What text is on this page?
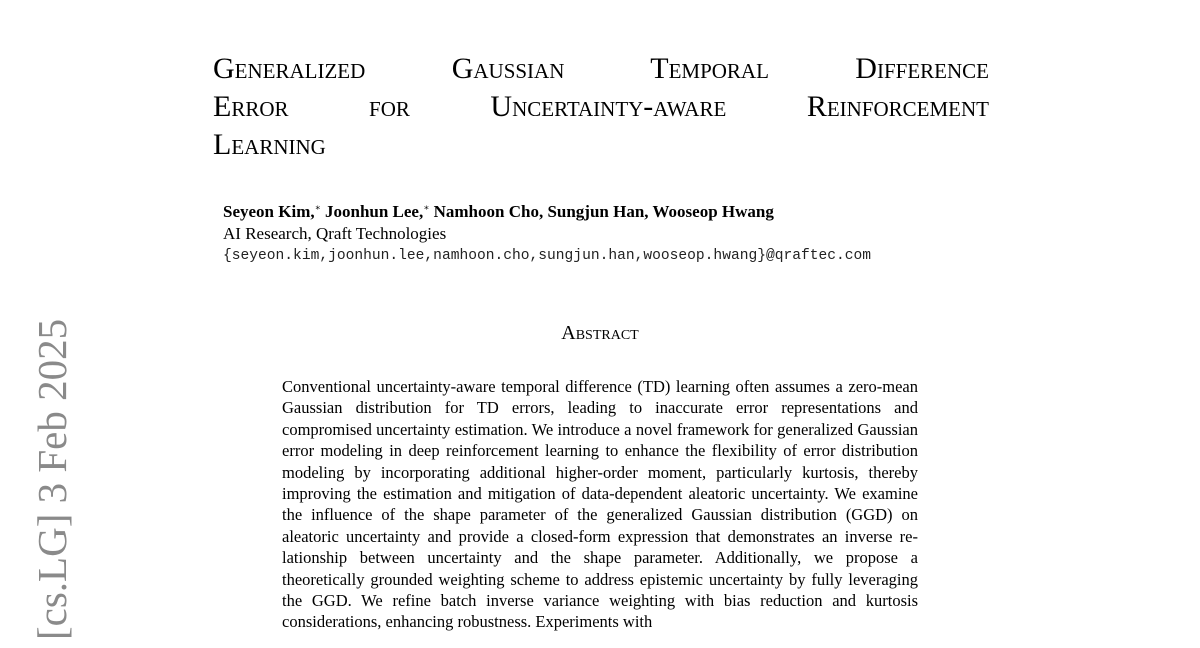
[cs.LG] 3 Feb 2025
Generalized Gaussian Temporal Difference
Error for Uncertainty-aware Reinforcement
Learning
Seyeon Kim,∗ Joonhun Lee,∗ Namhoon Cho, Sungjun Han, Wooseop Hwang
AI Research, Qraft Technologies
{seyeon.kim,joonhun.lee,namhoon.cho,sungjun.han,wooseop.hwang}@qraftec.com
Abstract
Conventional uncertainty-aware temporal difference (TD) learning often assumes a zero-mean Gaussian distribution for TD errors, leading to inaccurate error representations and compromised uncertainty estimation. We introduce a novel framework for generalized Gaussian error modeling in deep reinforcement learning to enhance the flexibility of error distribution modeling by incorporating additional higher-order moment, particularly kurtosis, thereby improving the estimation and mitigation of data-dependent aleatoric uncertainty. We examine the influence of the shape parameter of the generalized Gaussian distribution (GGD) on aleatoric uncertainty and provide a closed-form expression that demonstrates an inverse relationship between uncertainty and the shape parameter. Additionally, we propose a theoretically grounded weighting scheme to address epistemic uncertainty by fully leveraging the GGD. We refine batch inverse variance weighting with bias reduction and kurtosis considerations, enhancing robustness. Experiments with
